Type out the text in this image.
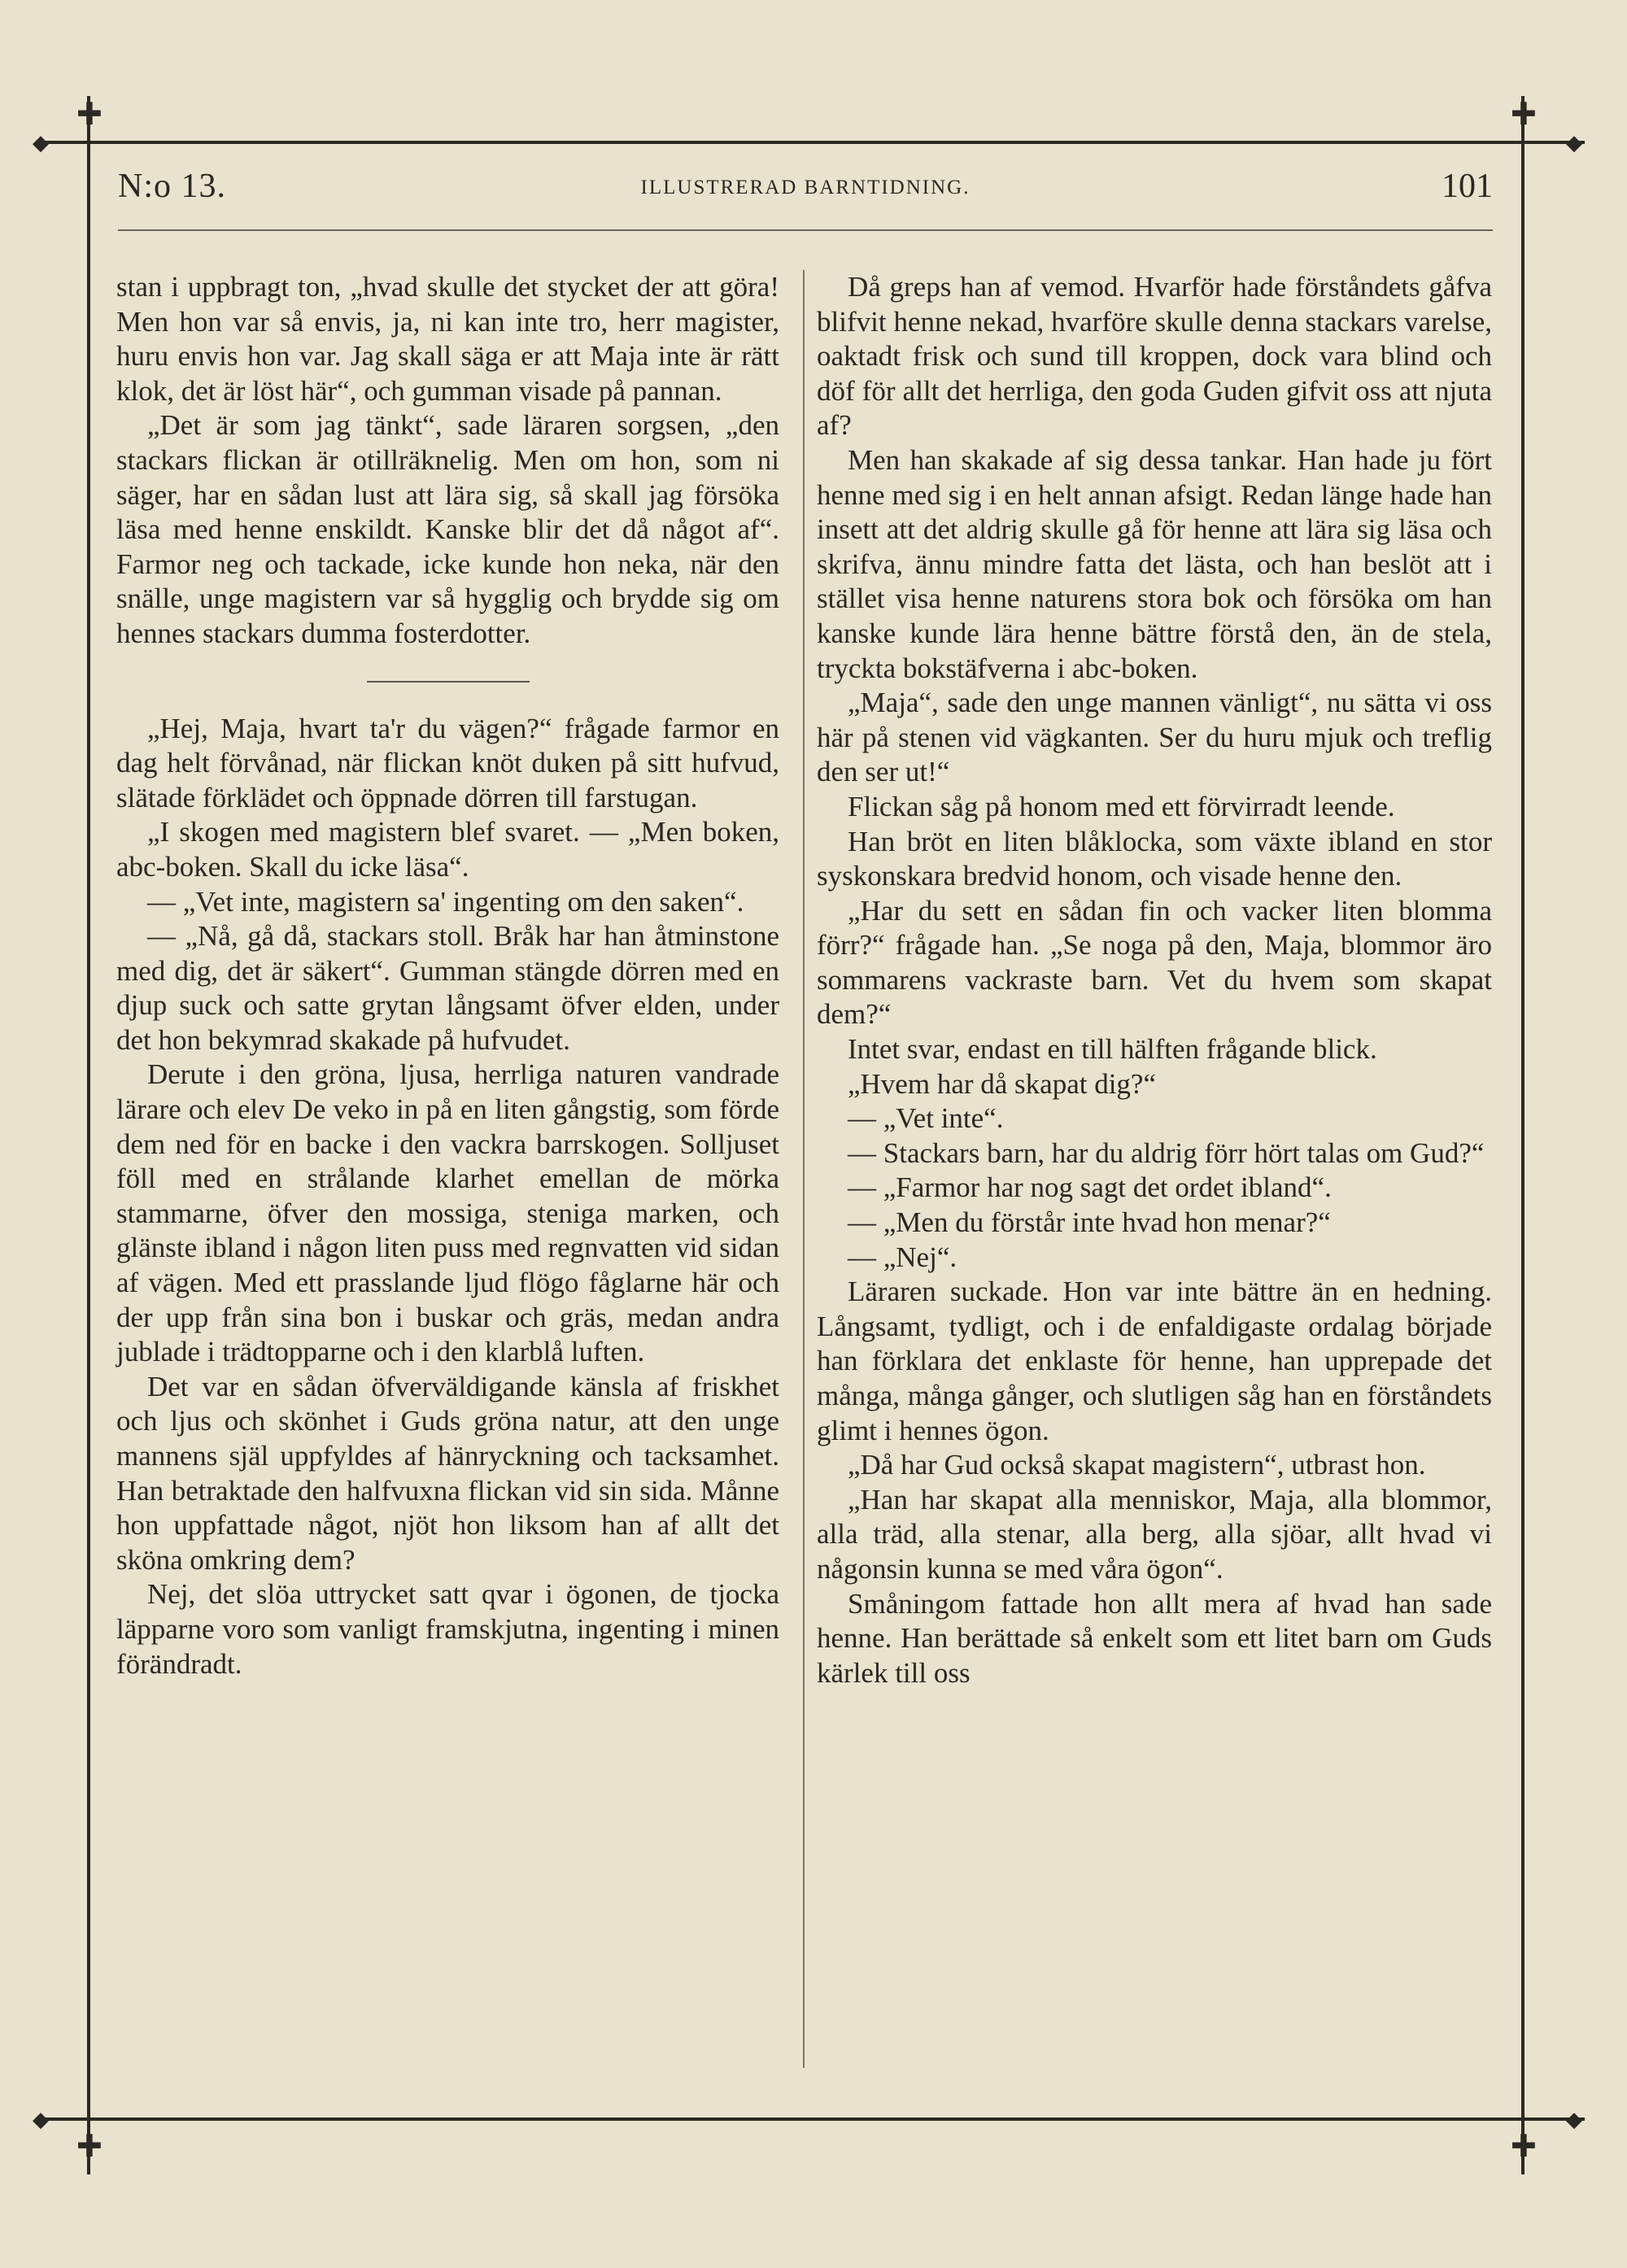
✚	✚
✚	✚
◆	◆
◆	◆
N:o 13.	ILLUSTRERAD BARNTIDNING.	101

stan i uppbragt ton, „hvad skulle det stycket der att göra! Men hon var så envis, ja, ni kan inte tro, herr magister, huru envis hon var. Jag skall säga er att Maja inte är rätt klok, det är löst här“, och gumman visade på pannan.

„Det är som jag tänkt“, sade läraren sorgsen, „den stackars flickan är otillräknelig. Men om hon, som ni säger, har en sådan lust att lära sig, så skall jag försöka läsa med henne enskildt. Kanske blir det då något af“. Farmor neg och tackade, icke kunde hon neka, när den snälle, unge magistern var så hygglig och brydde sig om hennes stackars dumma fosterdotter.

„Hej, Maja, hvart ta'r du vägen?“ frågade farmor en dag helt förvånad, när flickan knöt duken på sitt hufvud, slätade förklädet och öppnade dörren till farstugan.

„I skogen med magistern blef svaret. — „Men boken, abc-boken. Skall du icke läsa“.

— „Vet inte, magistern sa' ingenting om den saken“.

— „Nå, gå då, stackars stoll. Bråk har han åtminstone med dig, det är säkert“. Gumman stängde dörren med en djup suck och satte grytan långsamt öfver elden, under det hon bekymrad skakade på hufvudet.

Derute i den gröna, ljusa, herrliga naturen vandrade lärare och elev De veko in på en liten gångstig, som förde dem ned för en backe i den vackra barrskogen. Solljuset föll med en strålande klarhet emellan de mörka stammarne, öfver den mossiga, steniga marken, och glänste ibland i någon liten puss med regnvatten vid sidan af vägen. Med ett prasslande ljud flögo fåglarne här och der upp från sina bon i buskar och gräs, medan andra jublade i trädtopparne och i den klarblå luften.

Det var en sådan öfverväldigande känsla af friskhet och ljus och skönhet i Guds gröna natur, att den unge mannens själ uppfyldes af hänryckning och tacksamhet. Han betraktade den halfvuxna flickan vid sin sida. Månne hon uppfattade något, njöt hon liksom han af allt det sköna omkring dem?

Nej, det slöa uttrycket satt qvar i ögonen, de tjocka läpparne voro som vanligt framskjutna, ingenting i minen förändradt.

Då greps han af vemod. Hvarför hade förståndets gåfva blifvit henne nekad, hvarföre skulle denna stackars varelse, oaktadt frisk och sund till kroppen, dock vara blind och döf för allt det herrliga, den goda Guden gifvit oss att njuta af?

Men han skakade af sig dessa tankar. Han hade ju fört henne med sig i en helt annan afsigt. Redan länge hade han insett att det aldrig skulle gå för henne att lära sig läsa och skrifva, ännu mindre fatta det lästa, och han beslöt att i stället visa henne naturens stora bok och försöka om han kanske kunde lära henne bättre förstå den, än de stela, tryckta bokstäfverna i abc-boken.

„Maja“, sade den unge mannen vänligt“, nu sätta vi oss här på stenen vid vägkanten. Ser du huru mjuk och treflig den ser ut!“

Flickan såg på honom med ett förvirradt leende.

Han bröt en liten blåklocka, som växte ibland en stor syskonskara bredvid honom, och visade henne den.

„Har du sett en sådan fin och vacker liten blomma förr?“ frågade han. „Se noga på den, Maja, blommor äro sommarens vackraste barn. Vet du hvem som skapat dem?“

Intet svar, endast en till hälften frågande blick.

„Hvem har då skapat dig?“

— „Vet inte“.

— Stackars barn, har du aldrig förr hört talas om Gud?“

— „Farmor har nog sagt det ordet ibland“.

— „Men du förstår inte hvad hon menar?“

— „Nej“.

Läraren suckade. Hon var inte bättre än en hedning. Långsamt, tydligt, och i de enfaldigaste ordalag började han förklara det enklaste för henne, han upprepade det många, många gånger, och slutligen såg han en förståndets glimt i hennes ögon.

„Då har Gud också skapat magistern“, utbrast hon.

„Han har skapat alla menniskor, Maja, alla blommor, alla träd, alla stenar, alla berg, alla sjöar, allt hvad vi någonsin kunna se med våra ögon“.

Småningom fattade hon allt mera af hvad han sade henne. Han berättade så enkelt som ett litet barn om Guds kärlek till oss
